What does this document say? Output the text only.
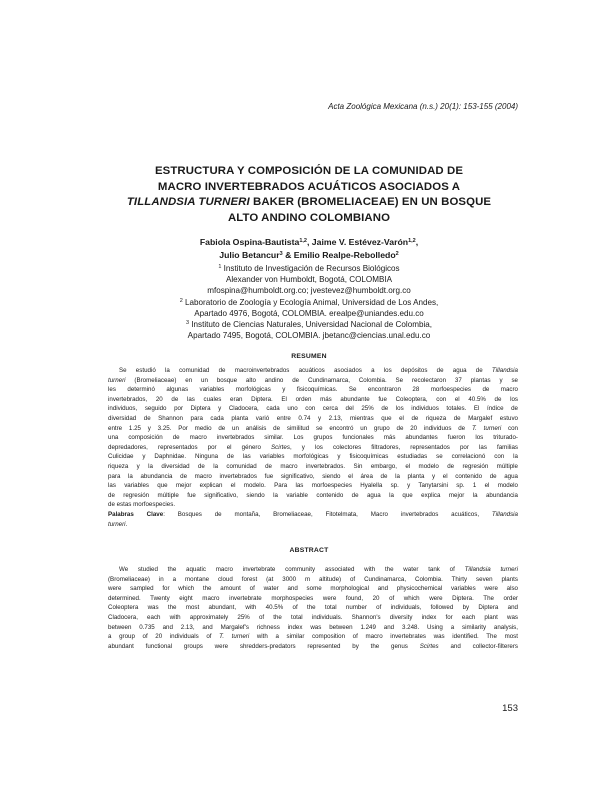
Acta Zoológica Mexicana (n.s.) 20(1): 153-155 (2004)
ESTRUCTURA Y COMPOSICIÓN DE LA COMUNIDAD DE
MACRO INVERTEBRADOS ACUÁTICOS ASOCIADOS A
TILLANDSIA TURNERI BAKER (BROMELIACEAE) EN UN BOSQUE
ALTO ANDINO COLOMBIANO
Fabiola Ospina-Bautista$^{1,2}$, Jaime V. Estévez-Varón$^{1,2}$,
Julio Betancur$^3$ & Emilio Realpe-Rebolledo$^2$
$^1$ Instituto de Investigación de Recursos Biológicos
Alexander von Humboldt, Bogotá, COLOMBIA
mfospina@humboldt.org.co; jvestevez@humboldt.org.co
$^2$ Laboratorio de Zoología y Ecología Animal, Universidad de Los Andes,
Apartado 4976, Bogotá, COLOMBIA. erealpe@uniandes.edu.co
$^3$ Instituto de Ciencias Naturales, Universidad Nacional de Colombia,
Apartado 7495, Bogotá, COLOMBIA. jbetanc@ciencias.unal.edu.co
RESUMEN
Se estudió la comunidad de macroinvertebrados acuáticos asociados a los depósitos de agua de Tillandsia
turneri (Bromeliaceae) en un bosque alto andino de Cundinamarca, Colombia. Se recolectaron 37 plantas y se
les determinó algunas variables morfológicas y fisicoquímicas. Se encontraron 28 morfoespecies de macro
invertebrados, 20 de las cuales eran Diptera. El orden más abundante fue Coleoptera, con el 40.5% de los
individuos, seguido por Diptera y Cladocera, cada uno con cerca del 25% de los individuos totales. El índice de
diversidad de Shannon para cada planta varió entre 0.74 y 2.13, mientras que el de riqueza de Margalef estuvo
entre 1.25 y 3.25. Por medio de un análisis de similitud se encontró un grupo de 20 individuos de T. turneri con
una composición de macro invertebrados similar. Los grupos funcionales más abundantes fueron los triturado-
depredadores, representados por el género Scirtes, y los colectores filtradores, representados por las familias
Culicidae y Daphnidae. Ninguna de las variables morfológicas y fisicoquímicas estudiadas se correlacionó con la
riqueza y la diversidad de la comunidad de macro invertebrados. Sin embargo, el modelo de regresión múltiple
para la abundancia de macro invertebrados fue significativo, siendo el área de la planta y el contenido de agua
las variables que mejor explican el modelo. Para las morfoespecies Hyalella sp. y Tanytarsini sp. 1 el modelo
de regresión múltiple fue significativo, siendo la variable contenido de agua la que explica mejor la abundancia
de estas morfoespecies.
Palabras Clave: Bosques de montaña, Bromeliaceae, Fitotelmata, Macro invertebrados acuáticos, Tillandsia
turneri.
ABSTRACT
We studied the aquatic macro invertebrate community associated with the water tank of Tillandsia turneri
(Bromeliaceae) in a montane cloud forest (at 3000 m altitude) of Cundinamarca, Colombia. Thirty seven plants
were sampled for which the amount of water and some morphological and physicochemical variables were also
determined. Twenty eight macro invertebrate morphospecies were found, 20 of which were Diptera. The order
Coleoptera was the most abundant, with 40.5% of the total number of individuals, followed by Diptera and
Cladocera, each with approximately 25% of the total individuals. Shannon's diversity index for each plant was
between 0.735 and 2.13, and Margalef's richness index was between 1.249 and 3.248. Using a similarity analysis,
a group of 20 individuals of T. turneri with a similar composition of macro invertebrates was identified. The most
abundant functional groups were shredders-predators represented by the genus Scirtes and collector-filterers
153
